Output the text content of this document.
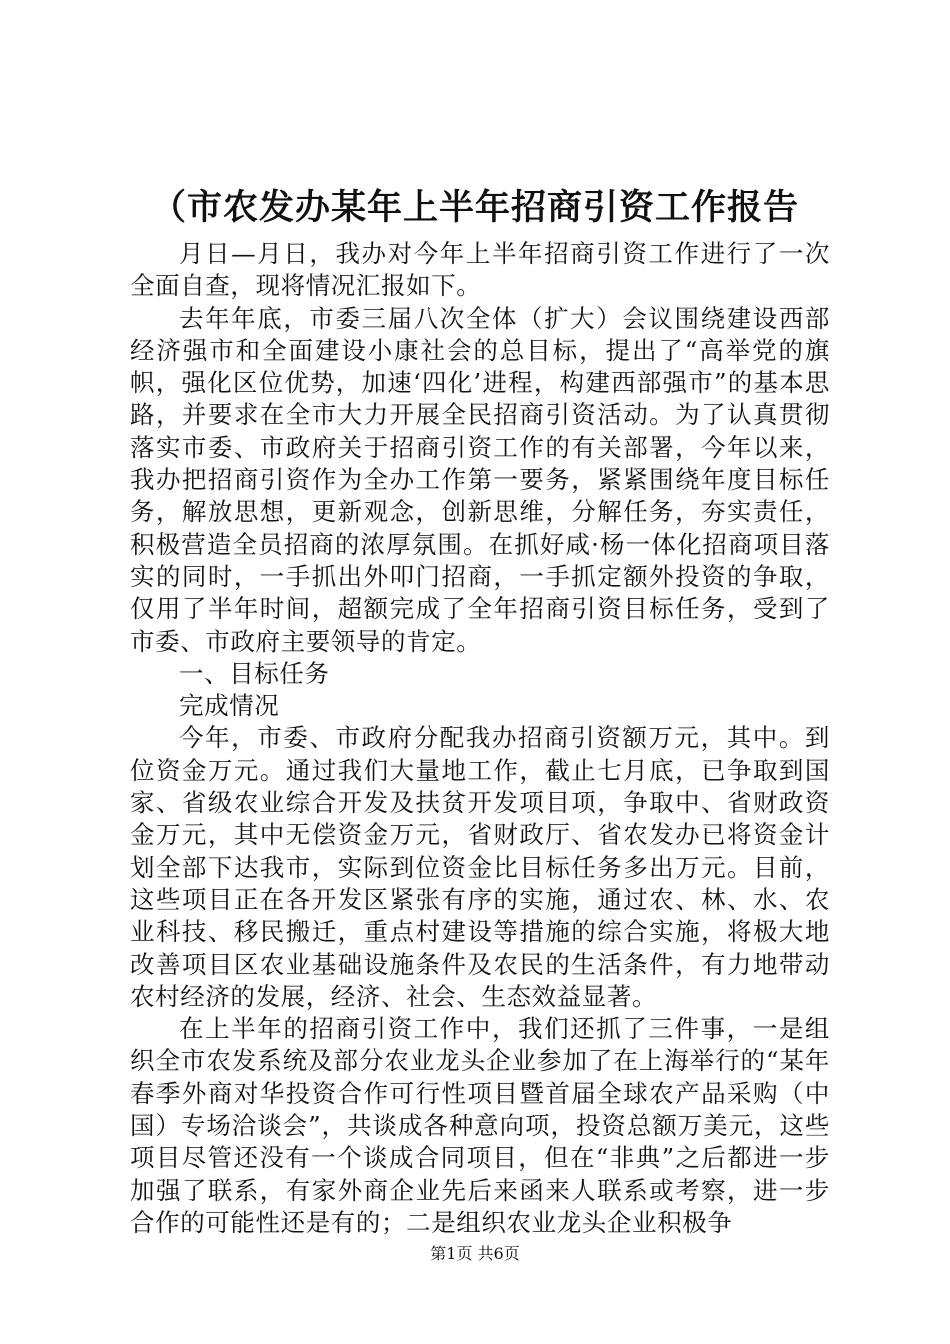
（市农发办某年上半年招商引资工作报告

月日—月日，我办对今年上半年招商引资工作进行了一次全面自查，现将情况汇报如下。

去年年底，市委三届八次全体（扩大）会议围绕建设西部经济强市和全面建设小康社会的总目标，提出了“高举党的旗帜，强化区位优势，加速‘四化’进程，构建西部强市”的基本思路，并要求在全市大力开展全民招商引资活动。为了认真贯彻落实市委、市政府关于招商引资工作的有关部署，今年以来，我办把招商引资作为全办工作第一要务，紧紧围绕年度目标任务，解放思想，更新观念，创新思维，分解任务，夯实责任，积极营造全员招商的浓厚氛围。在抓好咸·杨一体化招商项目落实的同时，一手抓出外叩门招商，一手抓定额外投资的争取，仅用了半年时间，超额完成了全年招商引资目标任务，受到了市委、市政府主要领导的肯定。

一、目标任务

完成情况

今年，市委、市政府分配我办招商引资额万元，其中。到位资金万元。通过我们大量地工作，截止七月底，已争取到国家、省级农业综合开发及扶贫开发项目项，争取中、省财政资金万元，其中无偿资金万元，省财政厅、省农发办已将资金计划全部下达我市，实际到位资金比目标任务多出万元。目前，这些项目正在各开发区紧张有序的实施，通过农、林、水、农业科技、移民搬迁，重点村建设等措施的综合实施，将极大地改善项目区农业基础设施条件及农民的生活条件，有力地带动农村经济的发展，经济、社会、生态效益显著。

在上半年的招商引资工作中，我们还抓了三件事，一是组织全市农发系统及部分农业龙头企业参加了在上海举行的“某年春季外商对华投资合作可行性项目暨首届全球农产品采购（中国）专场洽谈会”，共谈成各种意向项，投资总额万美元，这些项目尽管还没有一个谈成合同项目，但在“非典”之后都进一步加强了联系，有家外商企业先后来函来人联系或考察，进一步合作的可能性还是有的；二是组织农业龙头企业积极争

第1页 共6页
